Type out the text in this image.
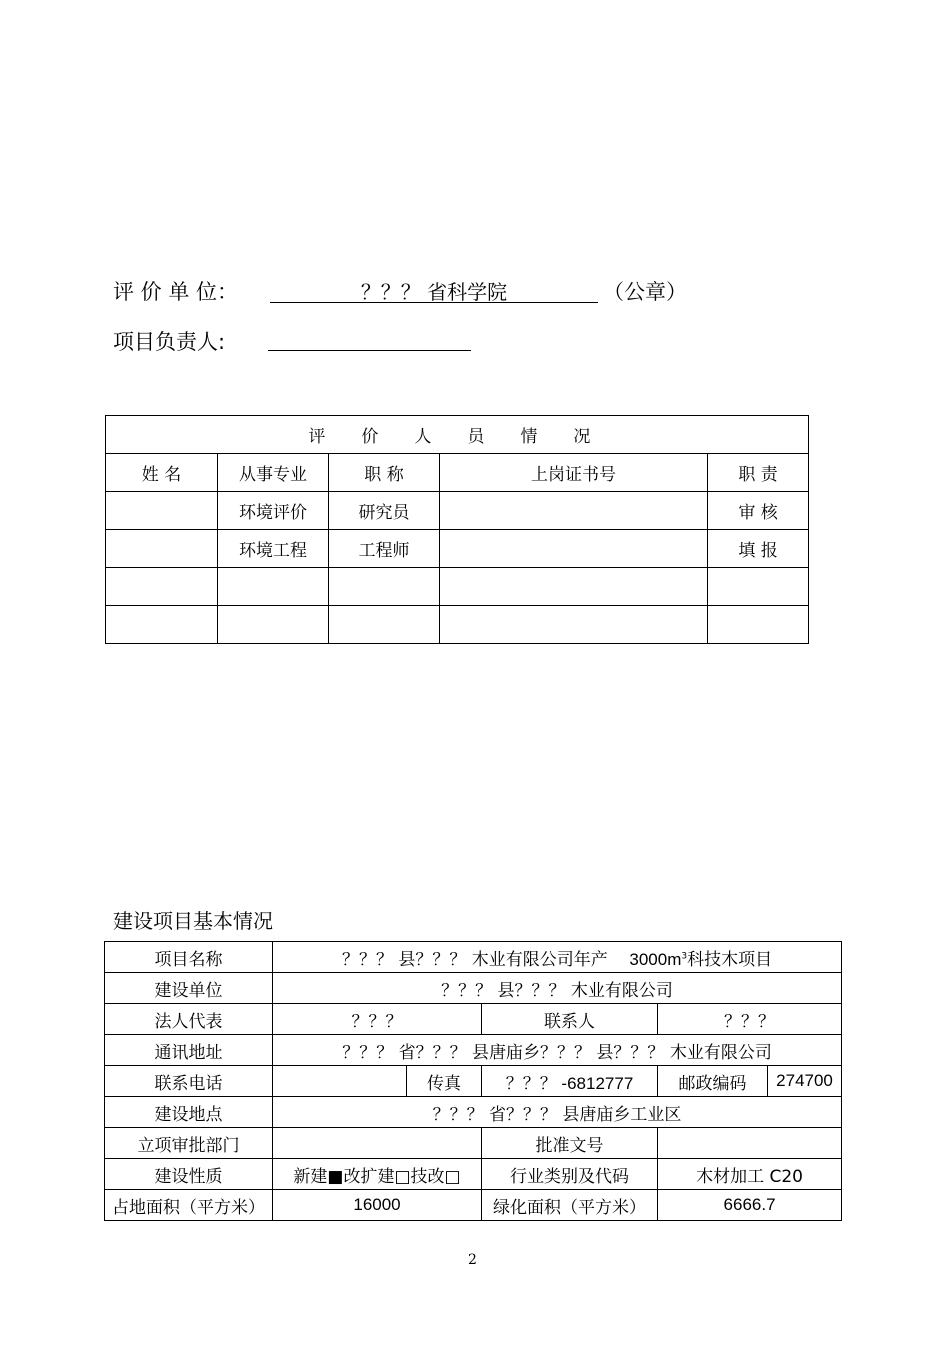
评 价 单 位：	？？？ 省科学院	（公章）
项目负责人:
评 价 人 员 情 况				
姓 名	从事专业	职 称	上岗证书号	职 责
	环境评价	研究员		审 核
	环境工程	工程师		填 报

建设项目基本情况
项目名称	？？？ 县？？？ 木业有限公司年产 $3000m^3$科技木项目				
建设单位	？？？ 县？？？ 木业有限公司				
法人代表	？？？		联系人	？？？	
通讯地址	？？？ 省？？？ 县唐庙乡？？？ 县？？？ 木业有限公司				
联系电话		传真	？？？ -6812777	邮政编码	274700
建设地点	？？？ 省？？？ 县唐庙乡工业区				
立项审批部门			批准文号		
建设性质	新建■改扩建□技改□		行业类别及代码	木材加工 C20	
占地面积（平方米）	16000		绿化面积（平方米）	6666.7	
2
